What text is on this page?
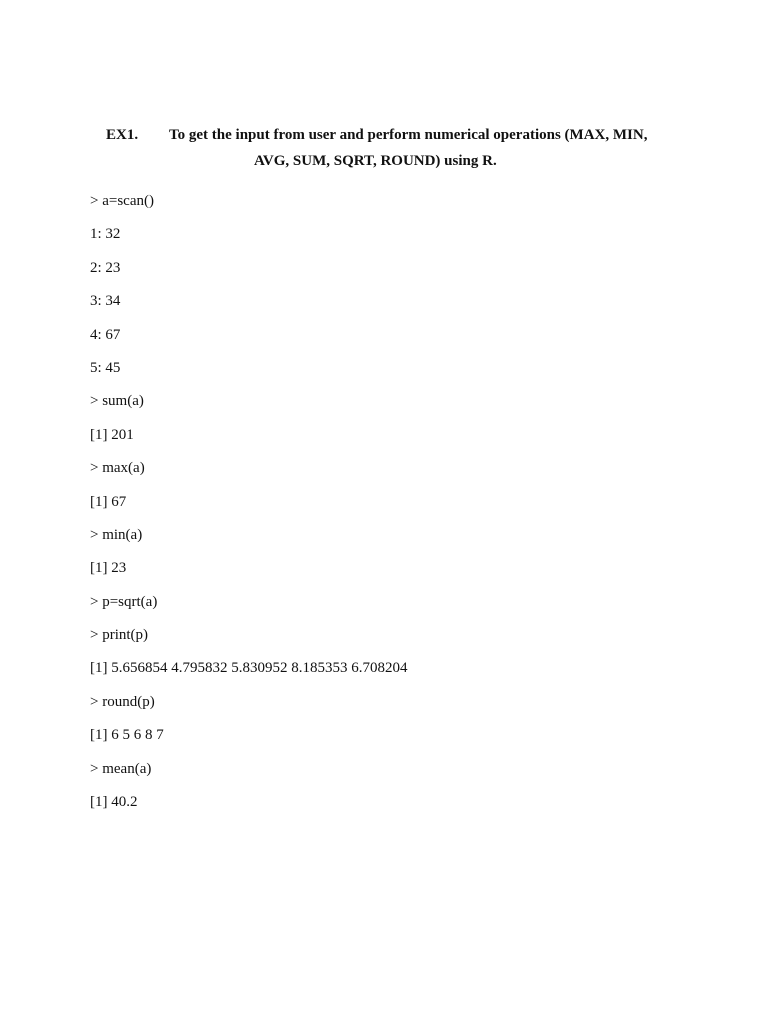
EX1. To get the input from user and perform numerical operations (MAX, MIN,
AVG, SUM, SQRT, ROUND) using R.
> a=scan()
1: 32
2: 23
3: 34
4: 67
5: 45
> sum(a)
[1] 201
> max(a)
[1] 67
> min(a)
[1] 23
> p=sqrt(a)
> print(p)
[1] 5.656854 4.795832 5.830952 8.185353 6.708204
> round(p)
[1] 6 5 6 8 7
> mean(a)
[1] 40.2
